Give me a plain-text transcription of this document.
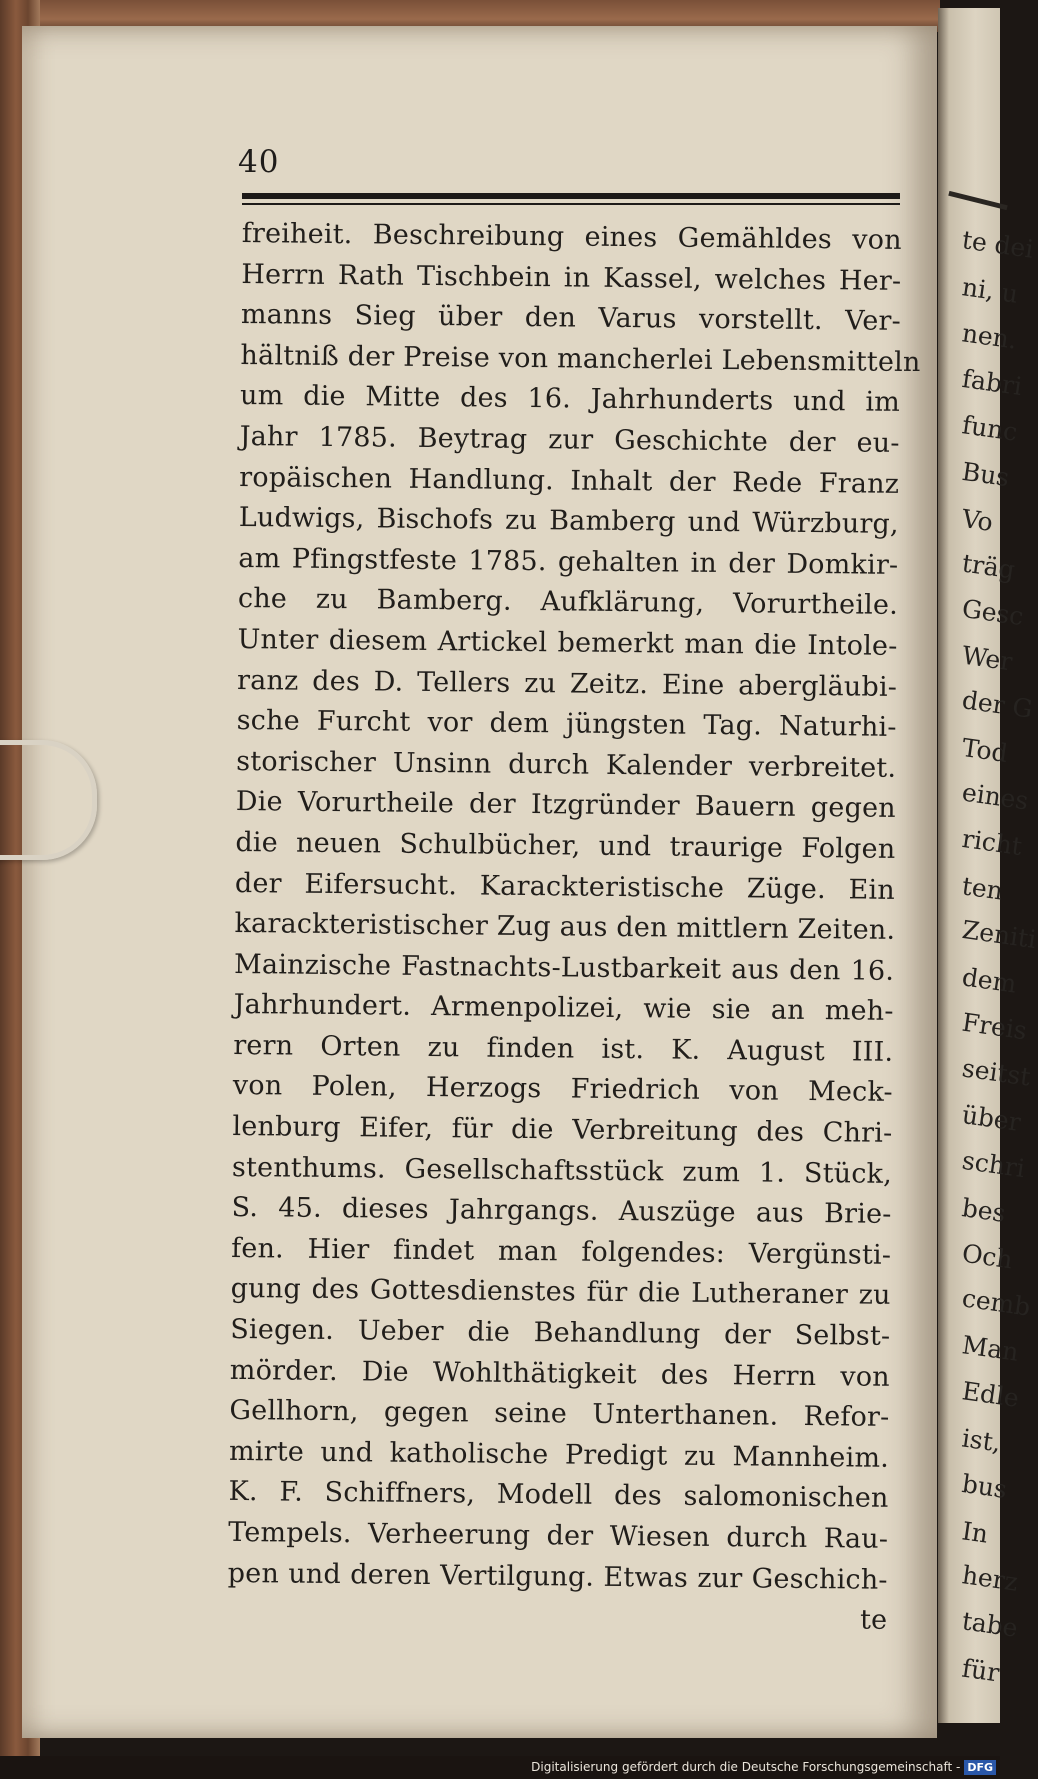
te dei
ni, u
nen.
fabri
func
Bus
Vo
träg
Gesc
Wer
der G
Tod
eines
richt
ten
Zeniti
dem
Freis
seitst
über
schri
bes
Och
cemb
Man
Edle
ist,
bus
In
herz
tabe
für
40
freiheit. Beschreibung eines Gemähldes von
Herrn Rath Tischbein in Kassel, welches Her-
manns Sieg über den Varus vorstellt. Ver-
hältniß der Preise von mancherlei Lebensmitteln
um die Mitte des 16. Jahrhunderts und im
Jahr 1785. Beytrag zur Geschichte der eu-
ropäischen Handlung. Inhalt der Rede Franz
Ludwigs, Bischofs zu Bamberg und Würzburg,
am Pfingstfeste 1785. gehalten in der Domkir-
che zu Bamberg. Aufklärung, Vorurtheile.
Unter diesem Artickel bemerkt man die Intole-
ranz des D. Tellers zu Zeitz. Eine abergläubi-
sche Furcht vor dem jüngsten Tag. Naturhi-
storischer Unsinn durch Kalender verbreitet.
Die Vorurtheile der Itzgründer Bauern gegen
die neuen Schulbücher, und traurige Folgen
der Eifersucht. Karackteristische Züge. Ein
karackteristischer Zug aus den mittlern Zeiten.
Mainzische Fastnachts-Lustbarkeit aus den 16.
Jahrhundert. Armenpolizei, wie sie an meh-
rern Orten zu finden ist. K. August III.
von Polen, Herzogs Friedrich von Meck-
lenburg Eifer, für die Verbreitung des Chri-
stenthums. Gesellschaftsstück zum 1. Stück,
S. 45. dieses Jahrgangs. Auszüge aus Brie-
fen. Hier findet man folgendes: Vergünsti-
gung des Gottesdienstes für die Lutheraner zu
Siegen. Ueber die Behandlung der Selbst-
mörder. Die Wohlthätigkeit des Herrn von
Gellhorn, gegen seine Unterthanen. Refor-
mirte und katholische Predigt zu Mannheim.
K. F. Schiffners, Modell des salomonischen
Tempels. Verheerung der Wiesen durch Rau-
pen und deren Vertilgung. Etwas zur Geschich-
te
Digitalisierung gefördert durch die Deutsche Forschungsgemeinschaft - DFG
